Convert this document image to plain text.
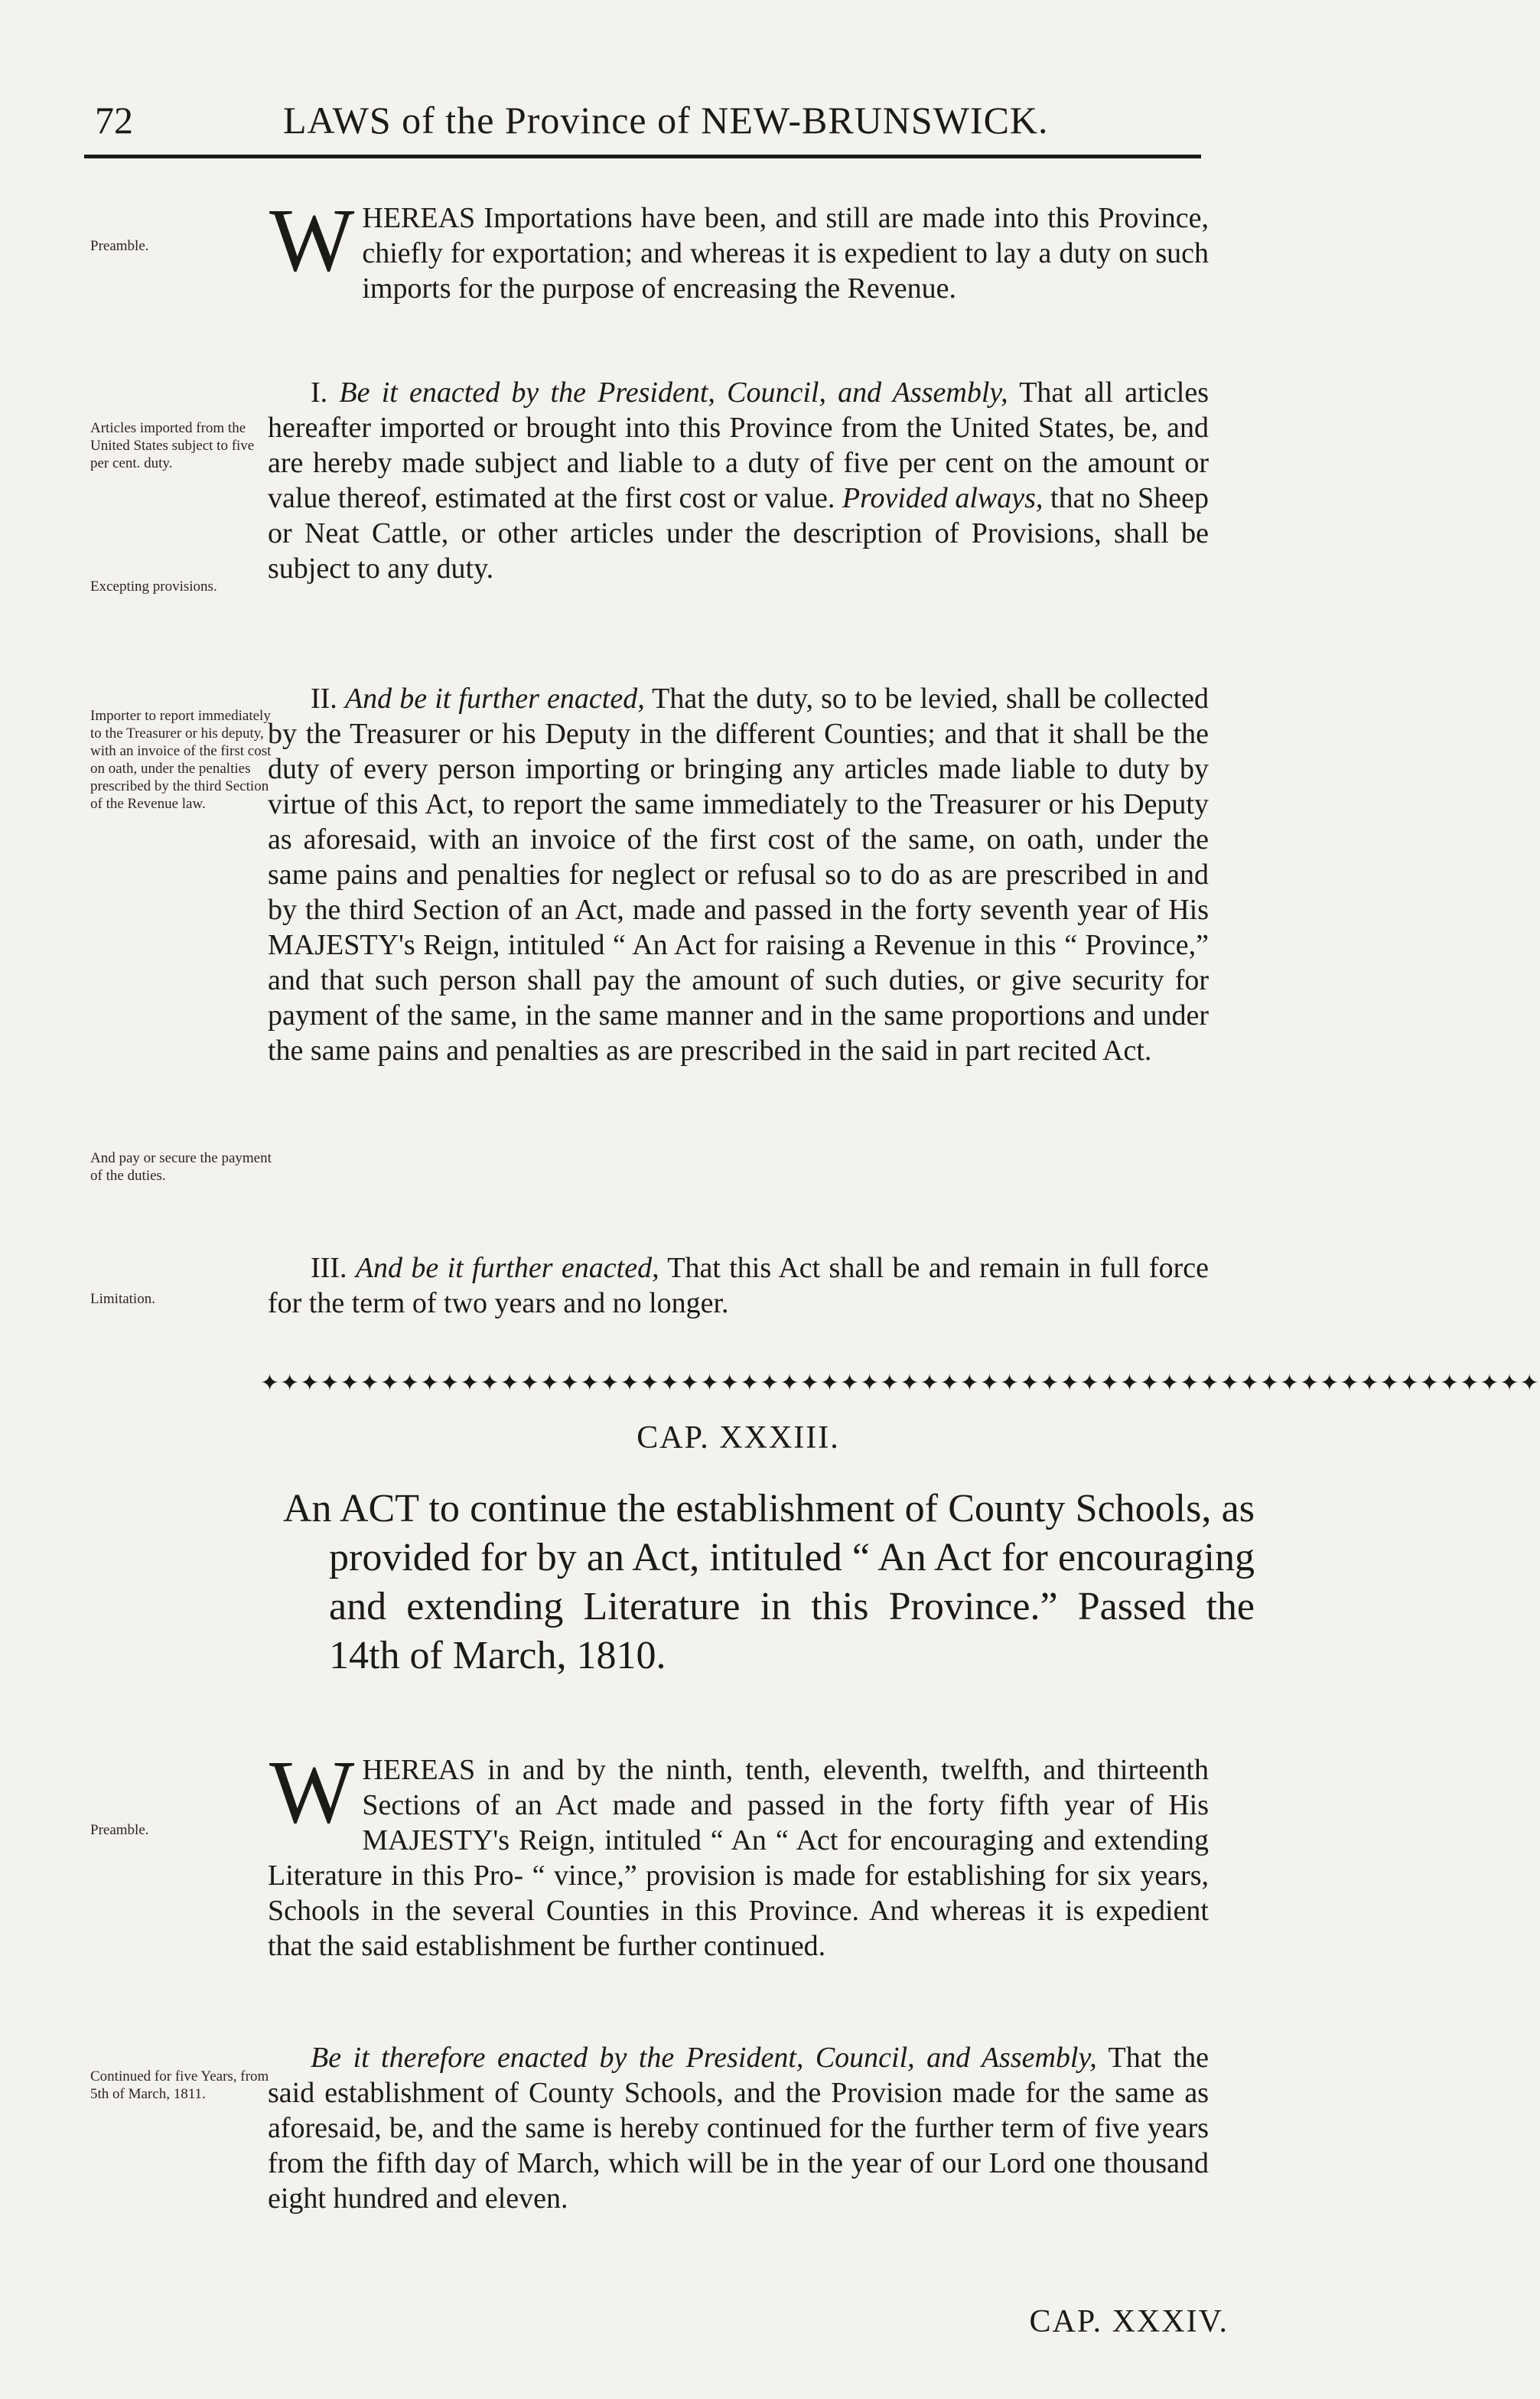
72	LAWS of the Province of NEW-BRUNSWICK.
Preamble.
Articles imported from the United States subject to five per cent. duty.
Excepting provisions.
Importer to report immediately to the Treasurer or his deputy, with an invoice of the first cost on oath, under the penalties prescribed by the third Section of the Revenue law.
And pay or secure the payment of the duties.
Limitation.
Preamble.
Continued for five Years, from 5th of March, 1811.

WHEREAS Importations have been, and still are made into this Province, chiefly for exportation; and whereas it is expedient to lay a duty on such imports for the purpose of encreasing the Revenue.

I. Be it enacted by the President, Council, and Assembly, That all articles hereafter imported or brought into this Province from the United States, be, and are hereby made subject and liable to a duty of five per cent on the amount or value thereof, estimated at the first cost or value. Provided always, that no Sheep or Neat Cattle, or other articles under the description of Provisions, shall be subject to any duty.

II. And be it further enacted, That the duty, so to be levied, shall be collected by the Treasurer or his Deputy in the different Counties; and that it shall be the duty of every person importing or bringing any articles made liable to duty by virtue of this Act, to report the same immediately to the Treasurer or his Deputy as aforesaid, with an invoice of the first cost of the same, on oath, under the same pains and penalties for neglect or refusal so to do as are prescribed in and by the third Section of an Act, made and passed in the forty seventh year of His MAJESTY's Reign, intituled “ An Act for raising a Revenue in this “ Province,” and that such person shall pay the amount of such duties, or give security for payment of the same, in the same manner and in the same proportions and under the same pains and penalties as are prescribed in the said in part recited Act.

III. And be it further enacted, That this Act shall be and remain in full force for the term of two years and no longer.

✦✦✦✦✦✦✦✦✦✦✦✦✦✦✦✦✦✦✦✦✦✦✦✦✦✦✦✦✦✦✦✦✦✦✦✦✦✦✦✦✦✦✦✦✦✦✦✦✦✦✦✦✦✦✦✦✦✦✦✦✦✦✦✦
CAP. XXXIII.
An ACT to continue the establishment of County Schools, as provided for by an Act, intituled “ An Act for encouraging and extending Literature in this Province.” Passed the 14th of March, 1810.

WHEREAS in and by the ninth, tenth, eleventh, twelfth, and thirteenth Sections of an Act made and passed in the forty fifth year of His MAJESTY's Reign, intituled “ An “ Act for encouraging and extending Literature in this Pro- “ vince,” provision is made for establishing for six years, Schools in the several Counties in this Province. And whereas it is expedient that the said establishment be further continued.

Be it therefore enacted by the President, Council, and Assembly, That the said establishment of County Schools, and the Provision made for the same as aforesaid, be, and the same is hereby continued for the further term of five years from the fifth day of March, which will be in the year of our Lord one thousand eight hundred and eleven.

CAP. XXXIV.
